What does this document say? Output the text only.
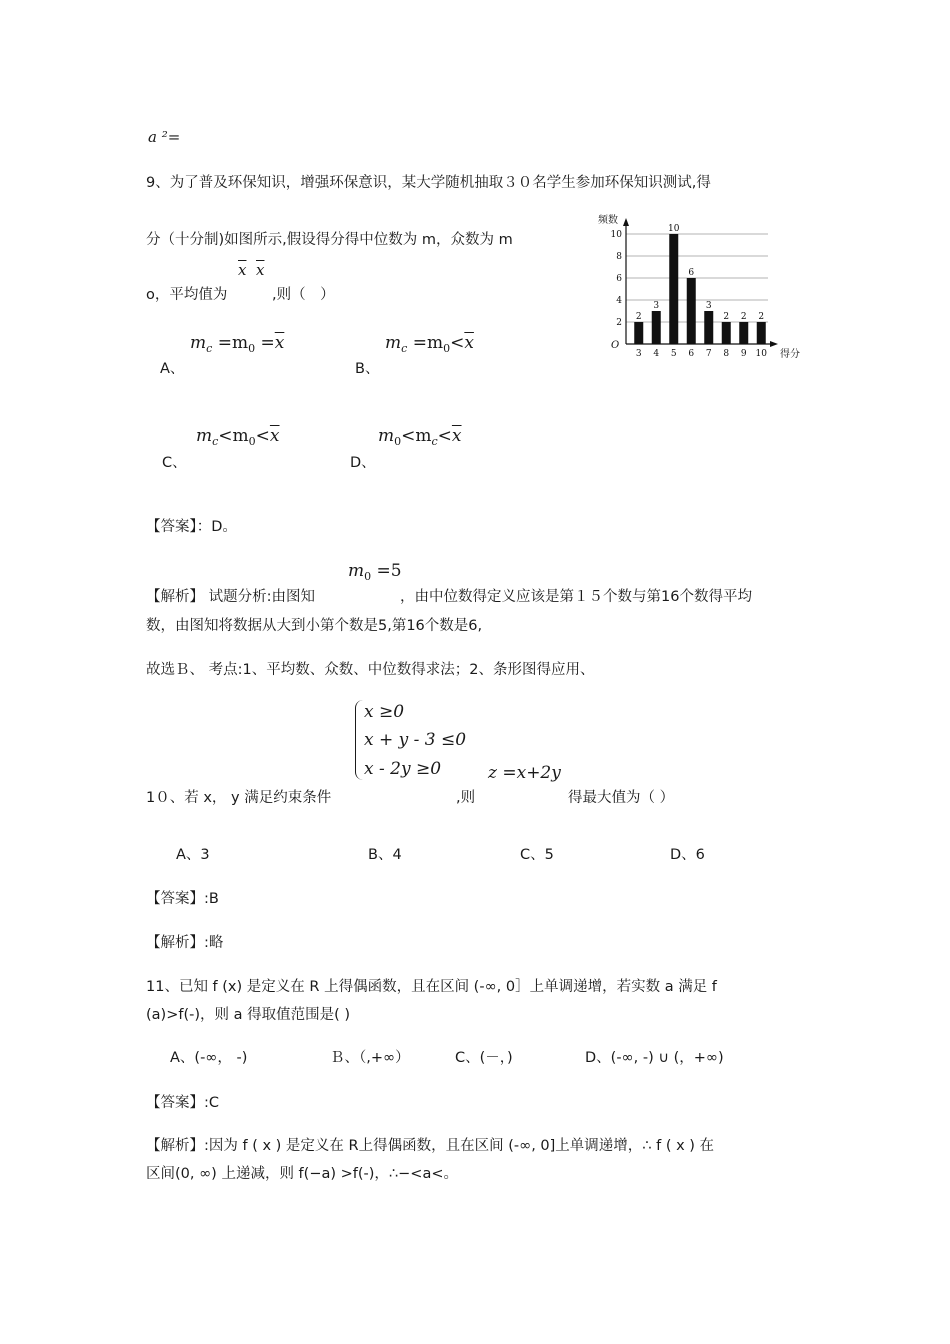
a ²=
9、为了普及环保知识，增强环保意识，某大学随机抽取３０名学生参加环保知识测试,得
分（十分制)如图所示,假设得分得中位数为 m，众数为 m
$\overline{x}$ $\overline{x}$
o，平均值为	,则（　）
$m_c =m_0 =\overline{x}$
A、
$m_c =m_0<\overline{x}$
B、
$m_c<m_0<\overline{x}$
C、
$m_0<m_c<\overline{x}$
D、
频数
得分
O
2
4
6
8
10
3 4 5 6 7 8 9 10
2
3
10
6
3
2 2 2
【答案】：D。
$m_0 =5$
【解析】 试题分析:由图知	，由中位数得定义应该是第１５个数与第16个数得平均
数，由图知将数据从大到小第个数是5,第16个数是6,
故选Ｂ、 考点:1、平均数、众数、中位数得求法；2、条形图得应用、
x ≥0
x + y - 3 ≤0
x - 2y ≥0	z =x+2y
1０、若 x， y 满足约束条件	,则	得最大值为（ ）
A、3	B、4	C、5	D、6
【答案】:B
【解析】:略
11、已知 f (x) 是定义在 R 上得偶函数，且在区间 (-∞, 0］上单调递增，若实数 a 满足 f
(a)>f(-)，则 a 得取值范围是( )
A、(-∞， -)	Ｂ、（,+∞）	C、(－，)	D、(-∞, -) ∪ (，+∞)
【答案】:C
【解析】:因为 f ( x ) 是定义在 R上得偶函数，且在区间 (-∞, 0]上单调递增，∴ f ( x ) 在
区间(0, ∞) 上递减，则 f(−a) >f(-)，∴−<a<。
